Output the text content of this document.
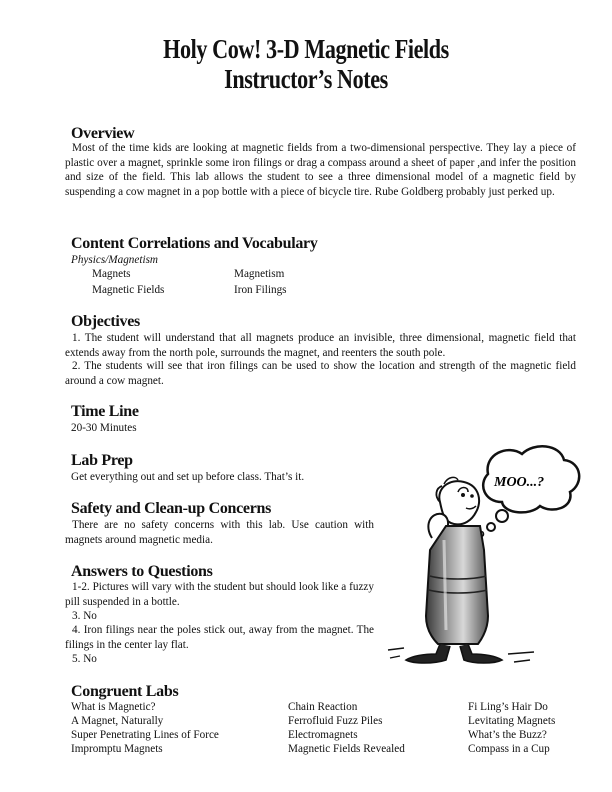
Holy Cow! 3-D Magnetic Fields
Instructor’s Notes
Overview
Most of the time kids are looking at magnetic fields from a two-dimensional perspective. They lay a piece of plastic over a magnet, sprinkle some iron filings or drag a compass around a sheet of paper ,and infer the position and size of the field. This lab allows the student to see a three dimensional model of a magnetic field by suspending a cow magnet in a pop bottle with a piece of bicycle tire. Rube Goldberg probably just perked up.
Content Correlations and Vocabulary
Physics/Magnetism
Magnets	Magnetism
Magnetic Fields	Iron Filings
Objectives
1. The student will understand that all magnets produce an invisible, three dimensional, magnetic field that extends away from the north pole, surrounds the magnet, and reenters the south pole.
2. The students will see that iron filings can be used to show the location and strength of the magnetic field around a cow magnet.
Time Line
20-30 Minutes
Lab Prep
Get everything out and set up before class. That’s it.
Safety and Clean-up Concerns
There are no safety concerns with this lab. Use caution with magnets around magnetic media.
Answers to Questions
1-2. Pictures will vary with the student but should look like a fuzzy pill suspended in a bottle.
3. No
4. Iron filings near the poles stick out, away from the magnet. The filings in the center lay flat.
5. No
MOO...?
Congruent Labs
What is Magnetic?
A Magnet, Naturally
Super Penetrating Lines of Force
Impromptu Magnets
Chain Reaction
Ferrofluid Fuzz Piles
Electromagnets
Magnetic Fields Revealed
Fi Ling’s Hair Do
Levitating Magnets
What’s the Buzz?
Compass in a Cup
